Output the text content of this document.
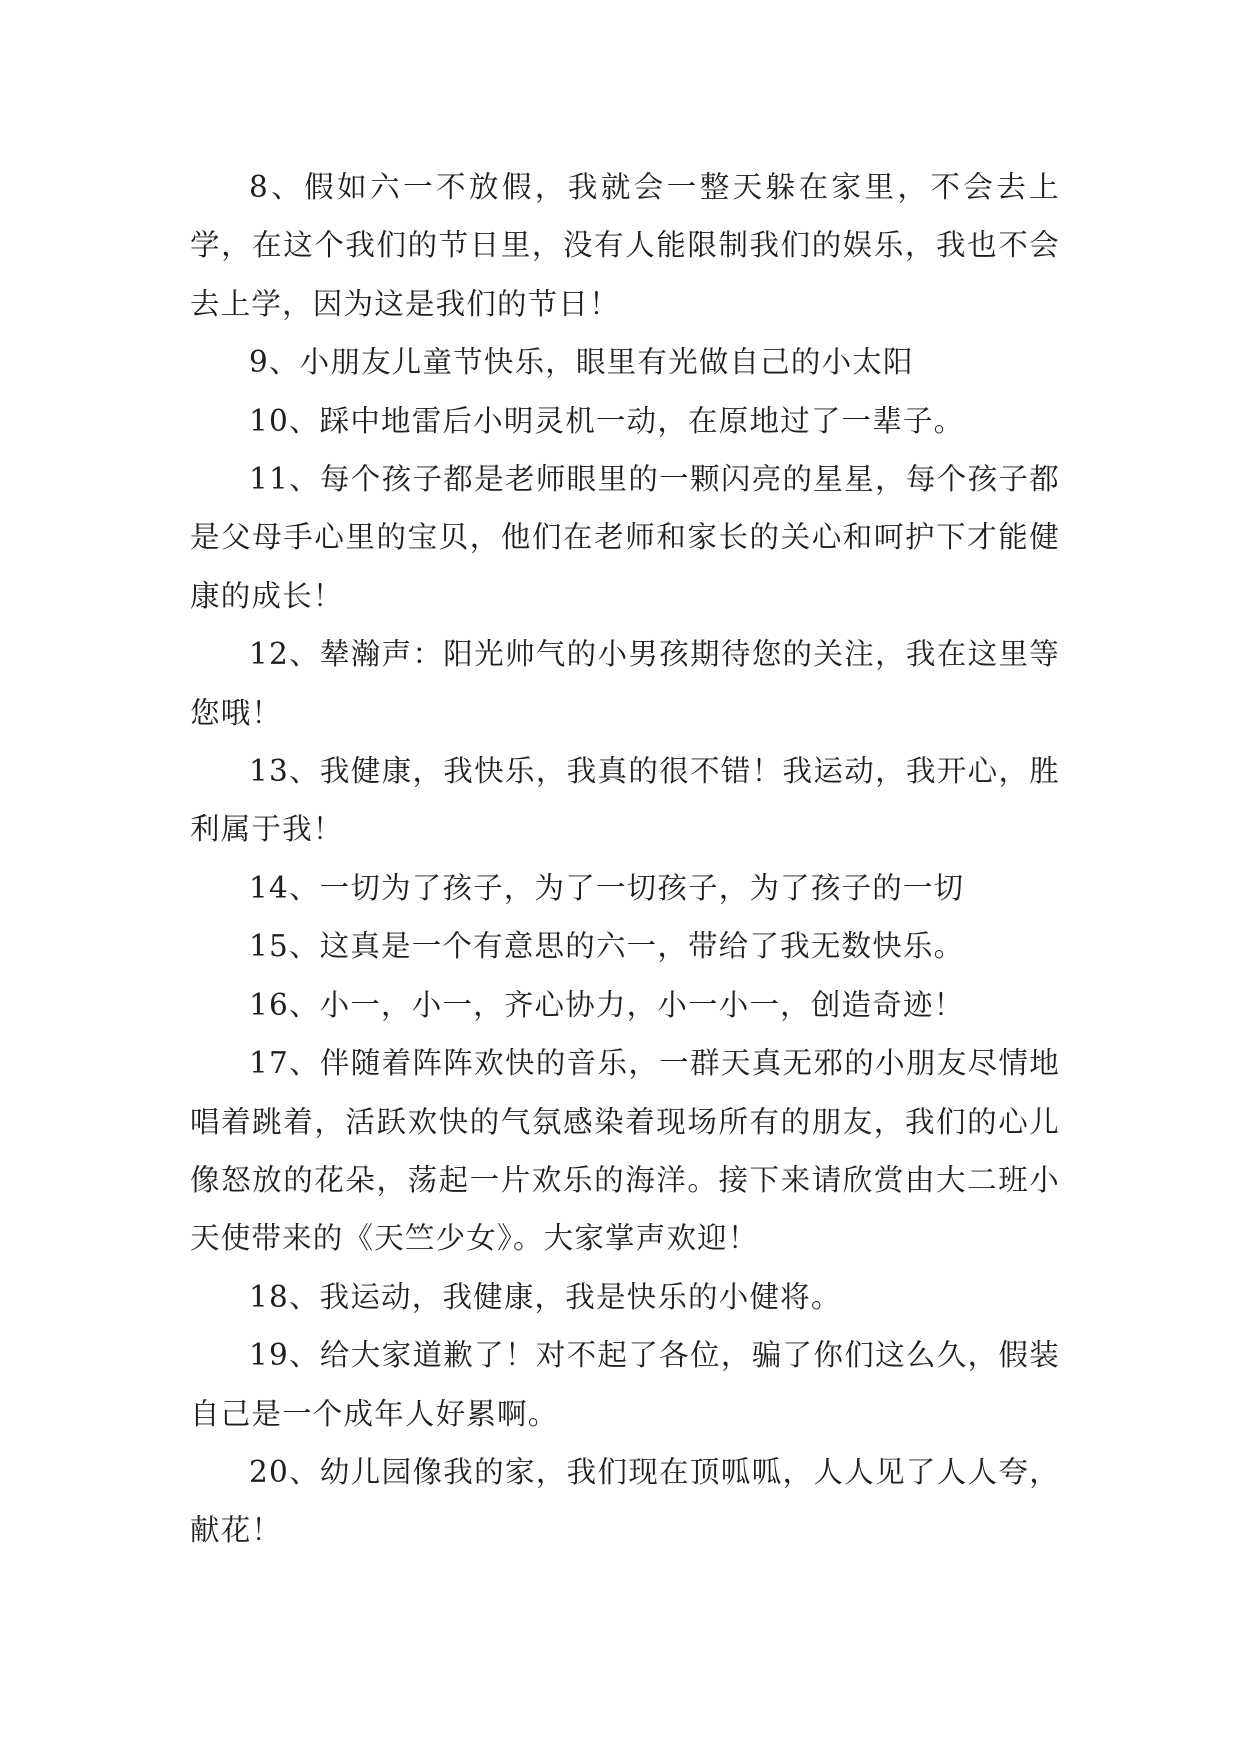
8、假如六一不放假，我就会一整天躲在家里，不会去上学，在这个我们的节日里，没有人能限制我们的娱乐，我也不会去上学，因为这是我们的节日！

9、小朋友儿童节快乐，眼里有光做自己的小太阳

10、踩中地雷后小明灵机一动，在原地过了一辈子。

11、每个孩子都是老师眼里的一颗闪亮的星星，每个孩子都是父母手心里的宝贝，他们在老师和家长的关心和呵护下才能健康的成长！

12、辇瀚声：阳光帅气的小男孩期待您的关注，我在这里等您哦！

13、我健康，我快乐，我真的很不错！我运动，我开心，胜利属于我！

14、一切为了孩子，为了一切孩子，为了孩子的一切

15、这真是一个有意思的六一，带给了我无数快乐。

16、小一，小一，齐心协力，小一小一，创造奇迹！

17、伴随着阵阵欢快的音乐，一群天真无邪的小朋友尽情地唱着跳着，活跃欢快的气氛感染着现场所有的朋友，我们的心儿像怒放的花朵，荡起一片欢乐的海洋。接下来请欣赏由大二班小天使带来的《天竺少女》。大家掌声欢迎！

18、我运动，我健康，我是快乐的小健将。

19、给大家道歉了！对不起了各位，骗了你们这么久，假装自己是一个成年人好累啊。

20、幼儿园像我的家，我们现在顶呱呱，人人见了人人夸，献花！
